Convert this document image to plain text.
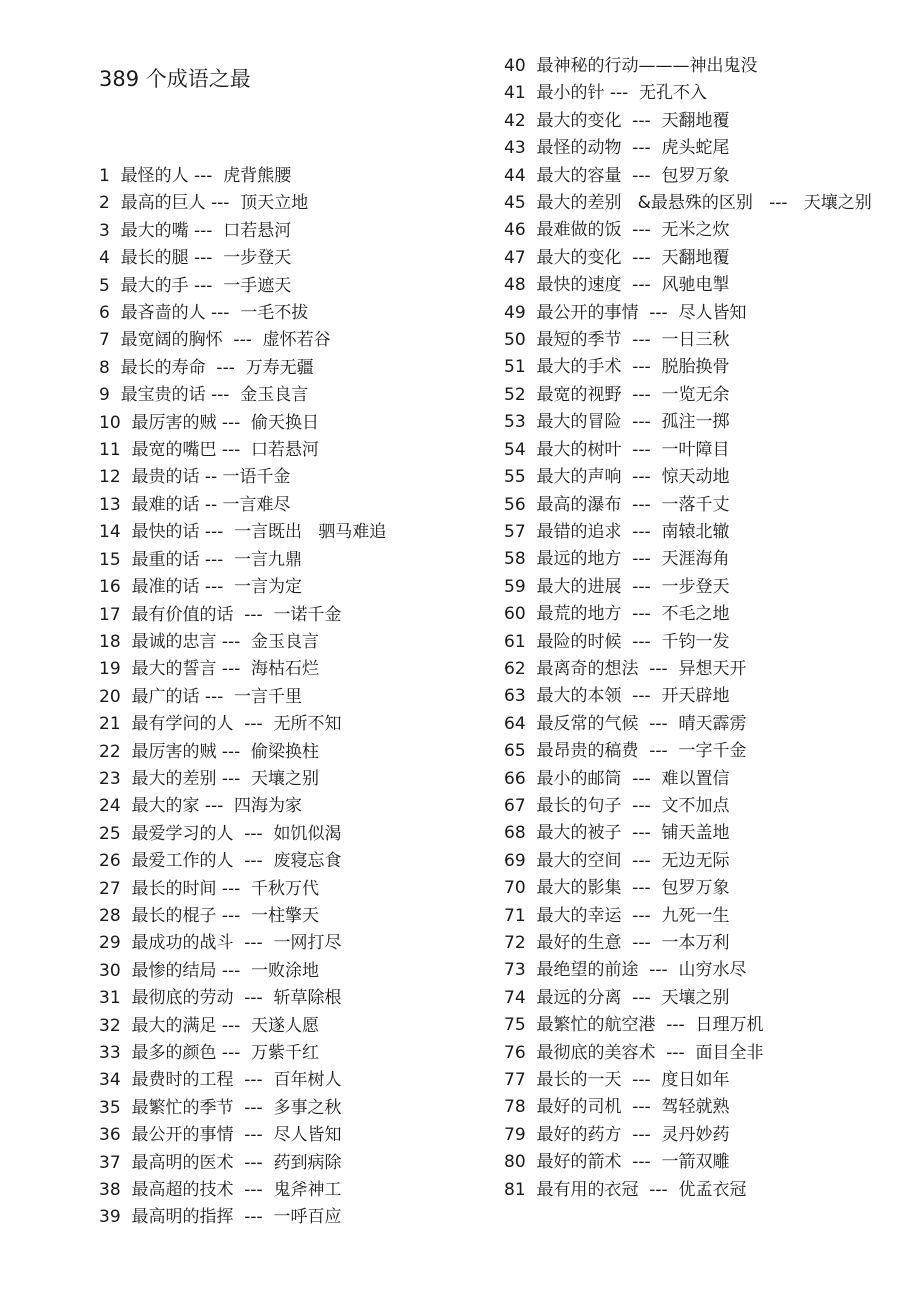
389 个成语之最
1  最怪的人 ---  虎背熊腰
2  最高的巨人 ---  顶天立地
3  最大的嘴 ---  口若悬河
4  最长的腿 ---  一步登天
5  最大的手 ---  一手遮天
6  最吝啬的人 ---  一毛不拔
7  最宽阔的胸怀  ---  虚怀若谷
8  最长的寿命  ---  万寿无疆
9  最宝贵的话 ---  金玉良言
10  最厉害的贼 ---  偷天换日
11  最宽的嘴巴 ---  口若悬河
12  最贵的话 -- 一语千金
13  最难的话 -- 一言难尽
14  最快的话 ---  一言既出   驷马难追
15  最重的话 ---  一言九鼎
16  最准的话 ---  一言为定
17  最有价值的话  ---  一诺千金
18  最诚的忠言 ---  金玉良言
19  最大的誓言 ---  海枯石烂
20  最广的话 ---  一言千里
21  最有学问的人  ---  无所不知
22  最厉害的贼 ---  偷梁换柱
23  最大的差别 ---  天壤之别
24  最大的家 ---  四海为家
25  最爱学习的人  ---  如饥似渴
26  最爱工作的人  ---  废寝忘食
27  最长的时间 ---  千秋万代
28  最长的棍子 ---  一柱擎天
29  最成功的战斗  ---  一网打尽
30  最惨的结局 ---  一败涂地
31  最彻底的劳动  ---  斩草除根
32  最大的满足 ---  天遂人愿
33  最多的颜色 ---  万紫千红
34  最费时的工程  ---  百年树人
35  最繁忙的季节  ---  多事之秋
36  最公开的事情  ---  尽人皆知
37  最高明的医术  ---  药到病除
38  最高超的技术  ---  鬼斧神工
39  最高明的指挥  ---  一呼百应
40  最神秘的行动———神出鬼没
41  最小的针 ---  无孔不入
42  最大的变化  ---  天翻地覆
43  最怪的动物  ---  虎头蛇尾
44  最大的容量  ---  包罗万象
45  最大的差别   &最悬殊的区别   ---   天壤之别
46  最难做的饭  ---  无米之炊
47  最大的变化  ---  天翻地覆
48  最快的速度  ---  风驰电掣
49  最公开的事情  ---  尽人皆知
50  最短的季节  ---  一日三秋
51  最大的手术  ---  脱胎换骨
52  最宽的视野  ---  一览无余
53  最大的冒险  ---  孤注一掷
54  最大的树叶  ---  一叶障目
55  最大的声响  ---  惊天动地
56  最高的瀑布  ---  一落千丈
57  最错的追求  ---  南辕北辙
58  最远的地方  ---  天涯海角
59  最大的进展  ---  一步登天
60  最荒的地方  ---  不毛之地
61  最险的时候  ---  千钧一发
62  最离奇的想法  ---  异想天开
63  最大的本领  ---  开天辟地
64  最反常的气候  ---  晴天霹雳
65  最昂贵的稿费  ---  一字千金
66  最小的邮筒  ---  难以置信
67  最长的句子  ---  文不加点
68  最大的被子  ---  铺天盖地
69  最大的空间  ---  无边无际
70  最大的影集  ---  包罗万象
71  最大的幸运  ---  九死一生
72  最好的生意  ---  一本万利
73  最绝望的前途  ---  山穷水尽
74  最远的分离  ---  天壤之别
75  最繁忙的航空港  ---  日理万机
76  最彻底的美容术  ---  面目全非
77  最长的一天  ---  度日如年
78  最好的司机  ---  驾轻就熟
79  最好的药方  ---  灵丹妙药
80  最好的箭术  ---  一箭双雕
81  最有用的衣冠  ---  优孟衣冠
